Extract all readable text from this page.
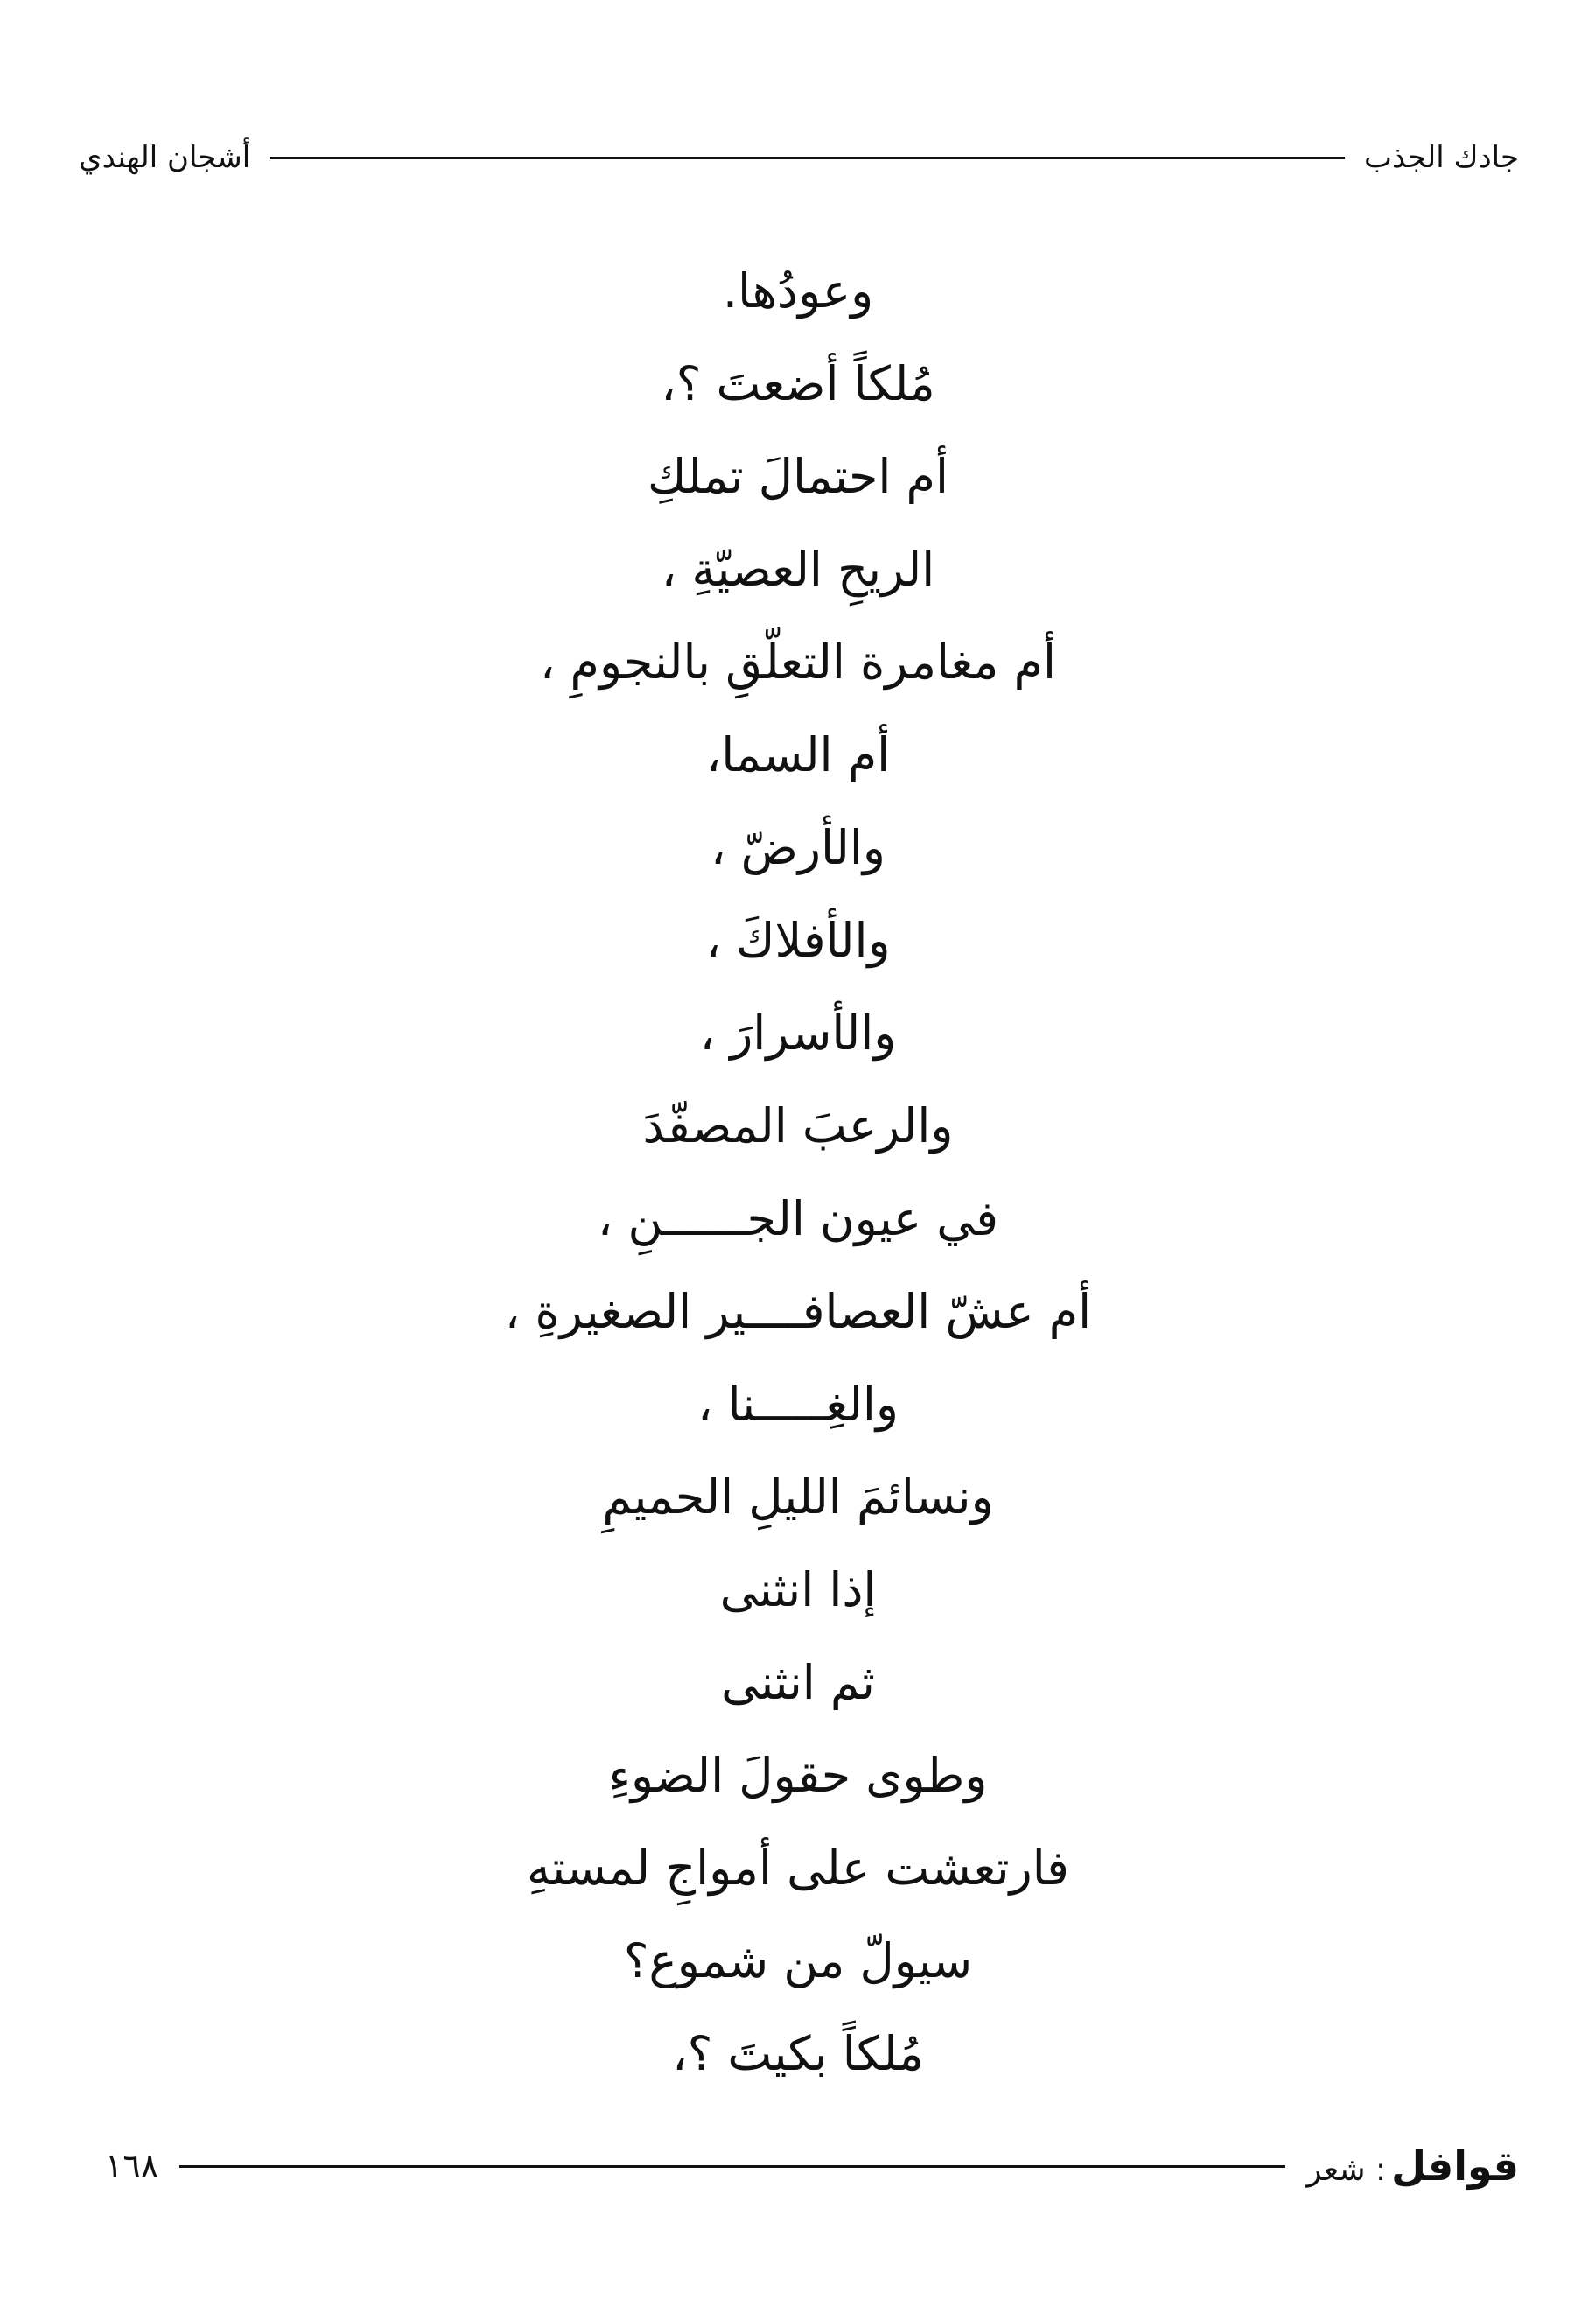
جادك الجذب
أشجان الهندي
وعودُها.
مُلكاً أضعتَ ؟،
أم احتمالَ تملكِ
الريحِ العصيّةِ ،
أم مغامرة التعلّقِ بالنجومِ ،
أم السما،
والأرضّ ،
والأفلاكَ ،
والأسرارَ ،
والرعبَ المصفّدَ
في عيون الجــــــنِ ،
أم عشّ العصافــــير الصغيرةِ ،
والغِـــــنا ،
ونسائمَ الليلِ الحميمِ
إذا انثنى
ثم انثنى
وطوى حقولَ الضوءِ
فارتعشت على أمواجِ لمستهِ
سيولّ من شموع؟
مُلكاً بكيتَ ؟،
قوافل
: شعر
١٦٨
